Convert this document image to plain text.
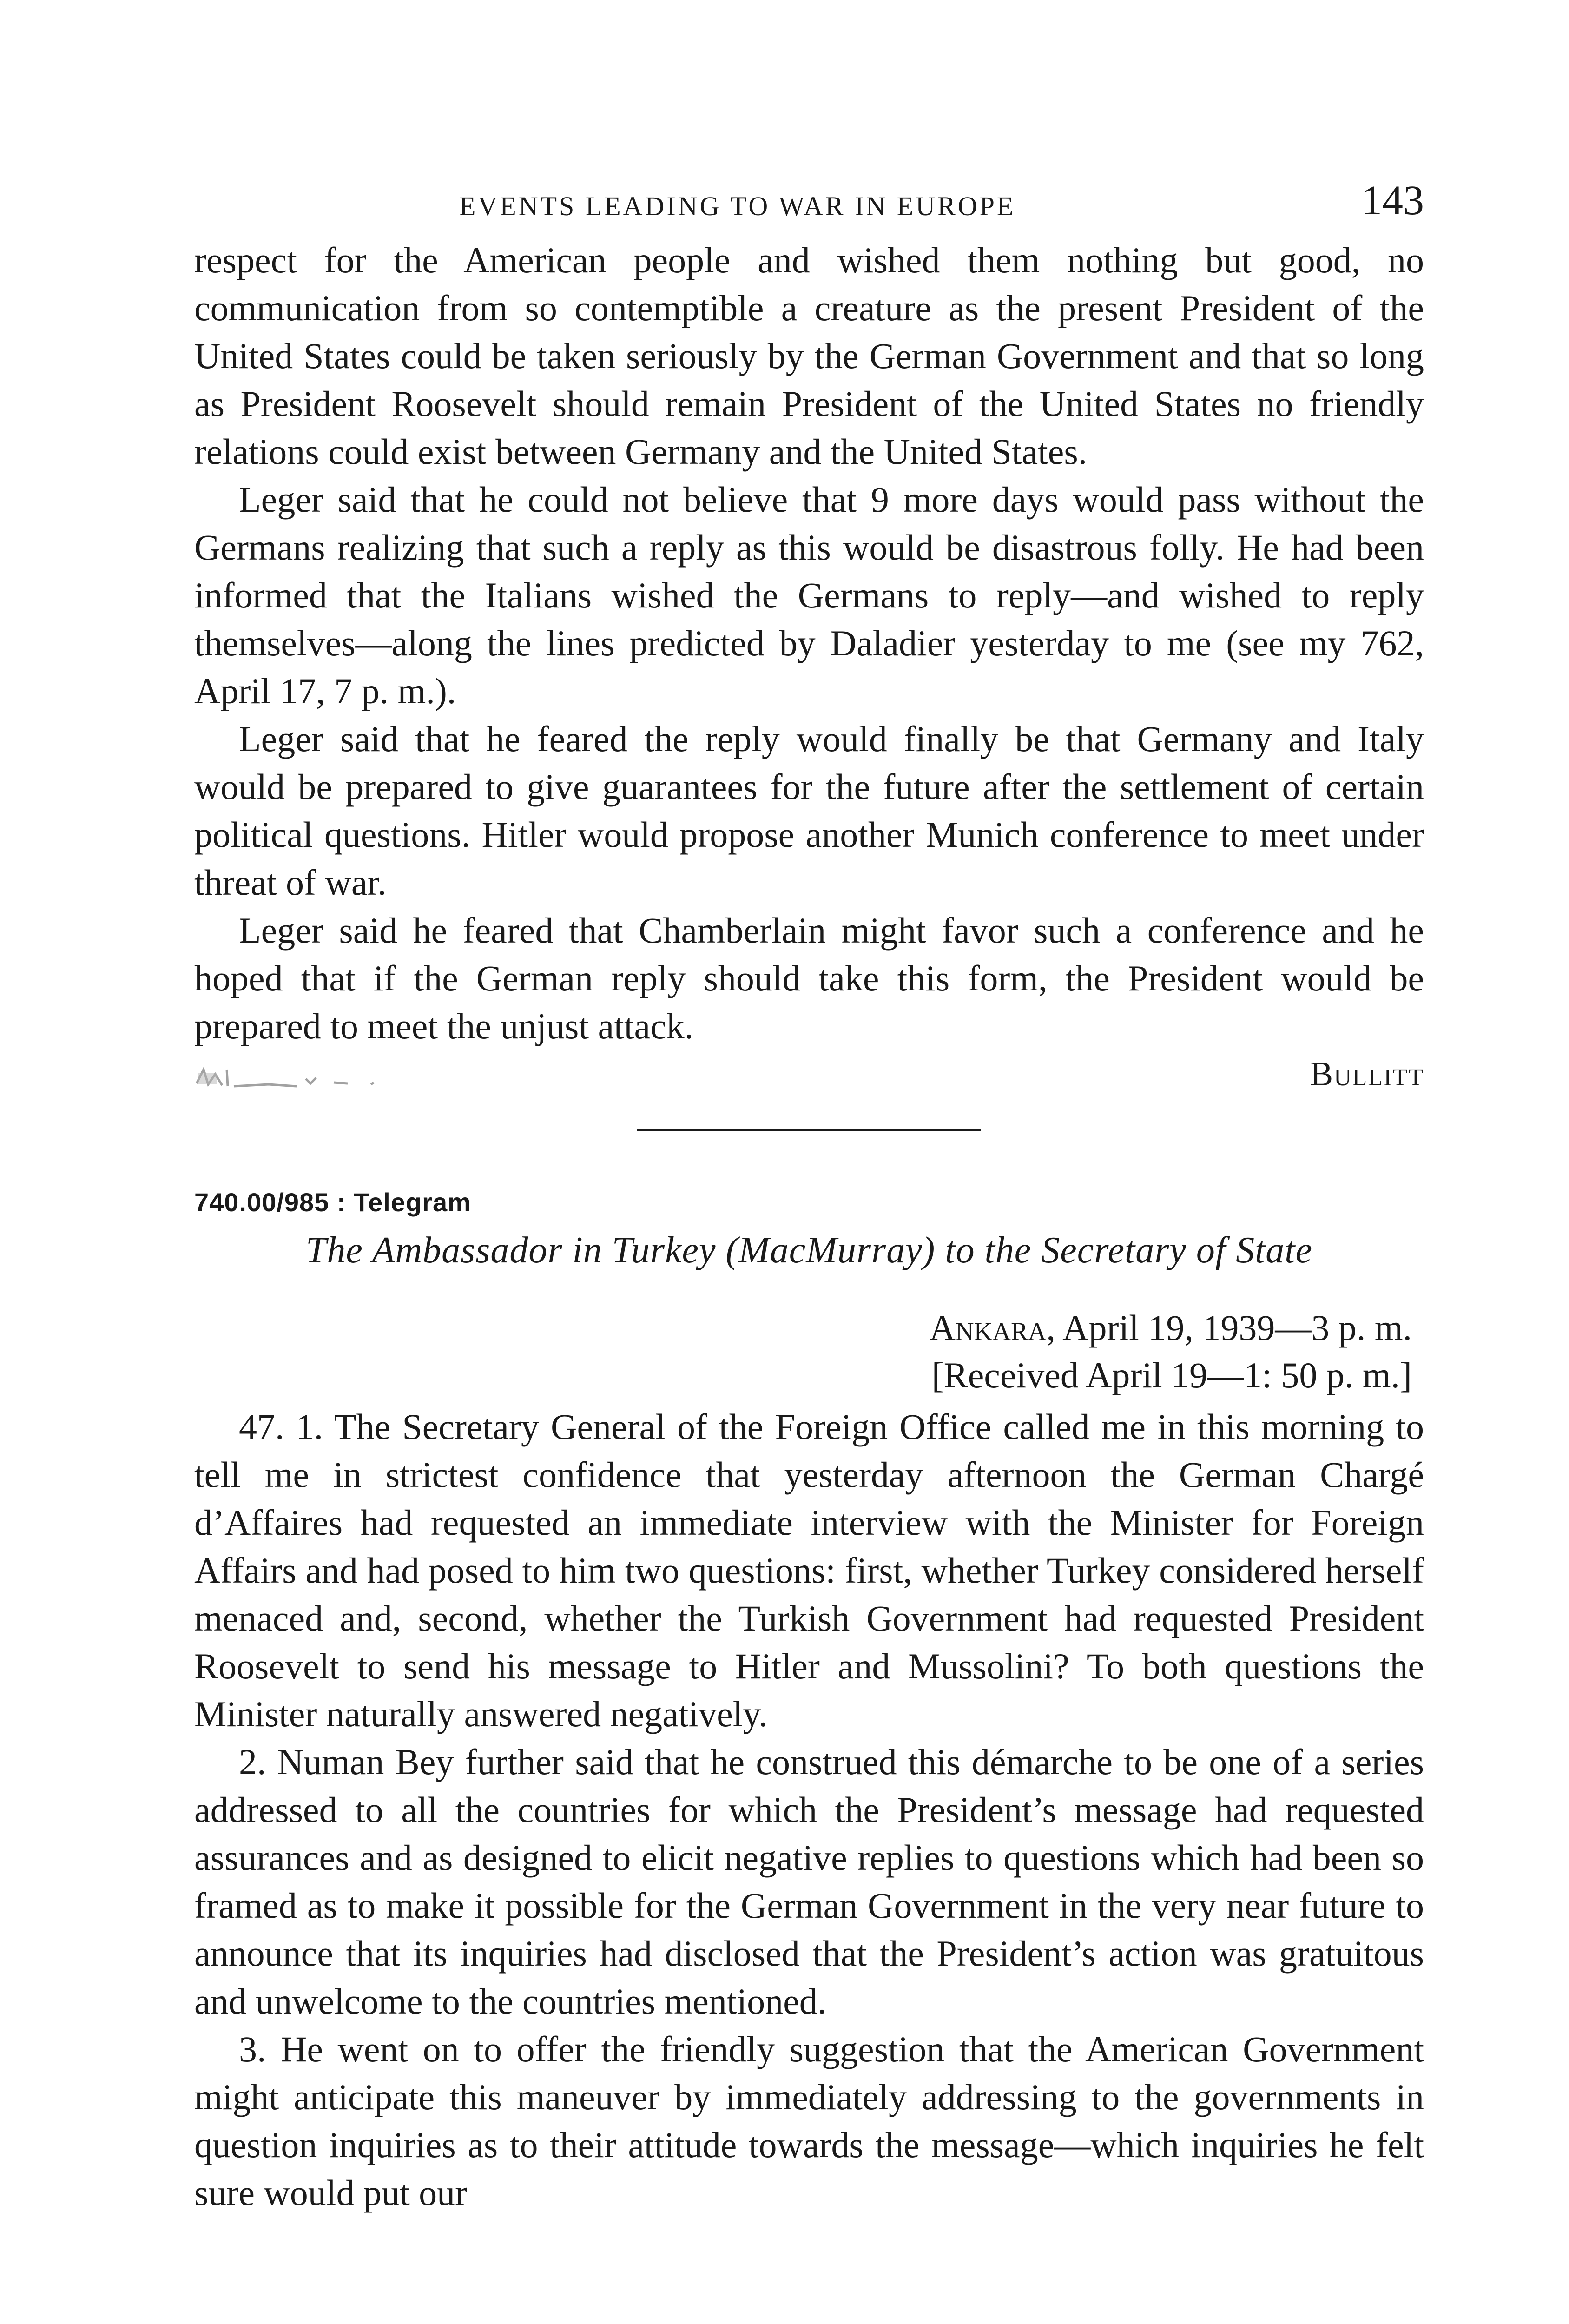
EVENTS LEADING TO WAR IN EUROPE	143

respect for the American people and wished them nothing but good, no communication from so contemptible a creature as the present President of the United States could be taken seriously by the German Government and that so long as President Roosevelt should remain President of the United States no friendly relations could exist between Germany and the United States.

Leger said that he could not believe that 9 more days would pass without the Germans realizing that such a reply as this would be disastrous folly. He had been informed that the Italians wished the Germans to reply—and wished to reply themselves—along the lines predicted by Daladier yesterday to me (see my 762, April 17, 7 p. m.).

Leger said that he feared the reply would finally be that Germany and Italy would be prepared to give guarantees for the future after the settlement of certain political questions. Hitler would propose another Munich conference to meet under threat of war.

Leger said he feared that Chamberlain might favor such a conference and he hoped that if the German reply should take this form, the President would be prepared to meet the unjust attack.

Bullitt
740.00/985 : Telegram
The Ambassador in Turkey (MacMurray) to the Secretary of State
Ankara, April 19, 1939—3 p. m.
[Received April 19—1: 50 p. m.]

47. 1. The Secretary General of the Foreign Office called me in this morning to tell me in strictest confidence that yesterday afternoon the German Chargé d’Affaires had requested an immediate interview with the Minister for Foreign Affairs and had posed to him two questions: first, whether Turkey considered herself menaced and, second, whether the Turkish Government had requested President Roosevelt to send his message to Hitler and Mussolini? To both questions the Minister naturally answered negatively.

2. Numan Bey further said that he construed this démarche to be one of a series addressed to all the countries for which the President’s message had requested assurances and as designed to elicit negative replies to questions which had been so framed as to make it possible for the German Government in the very near future to announce that its inquiries had disclosed that the President’s action was gratuitous and unwelcome to the countries mentioned.

3. He went on to offer the friendly suggestion that the American Government might anticipate this maneuver by immediately addressing to the governments in question inquiries as to their attitude towards the message—which inquiries he felt sure would put our
